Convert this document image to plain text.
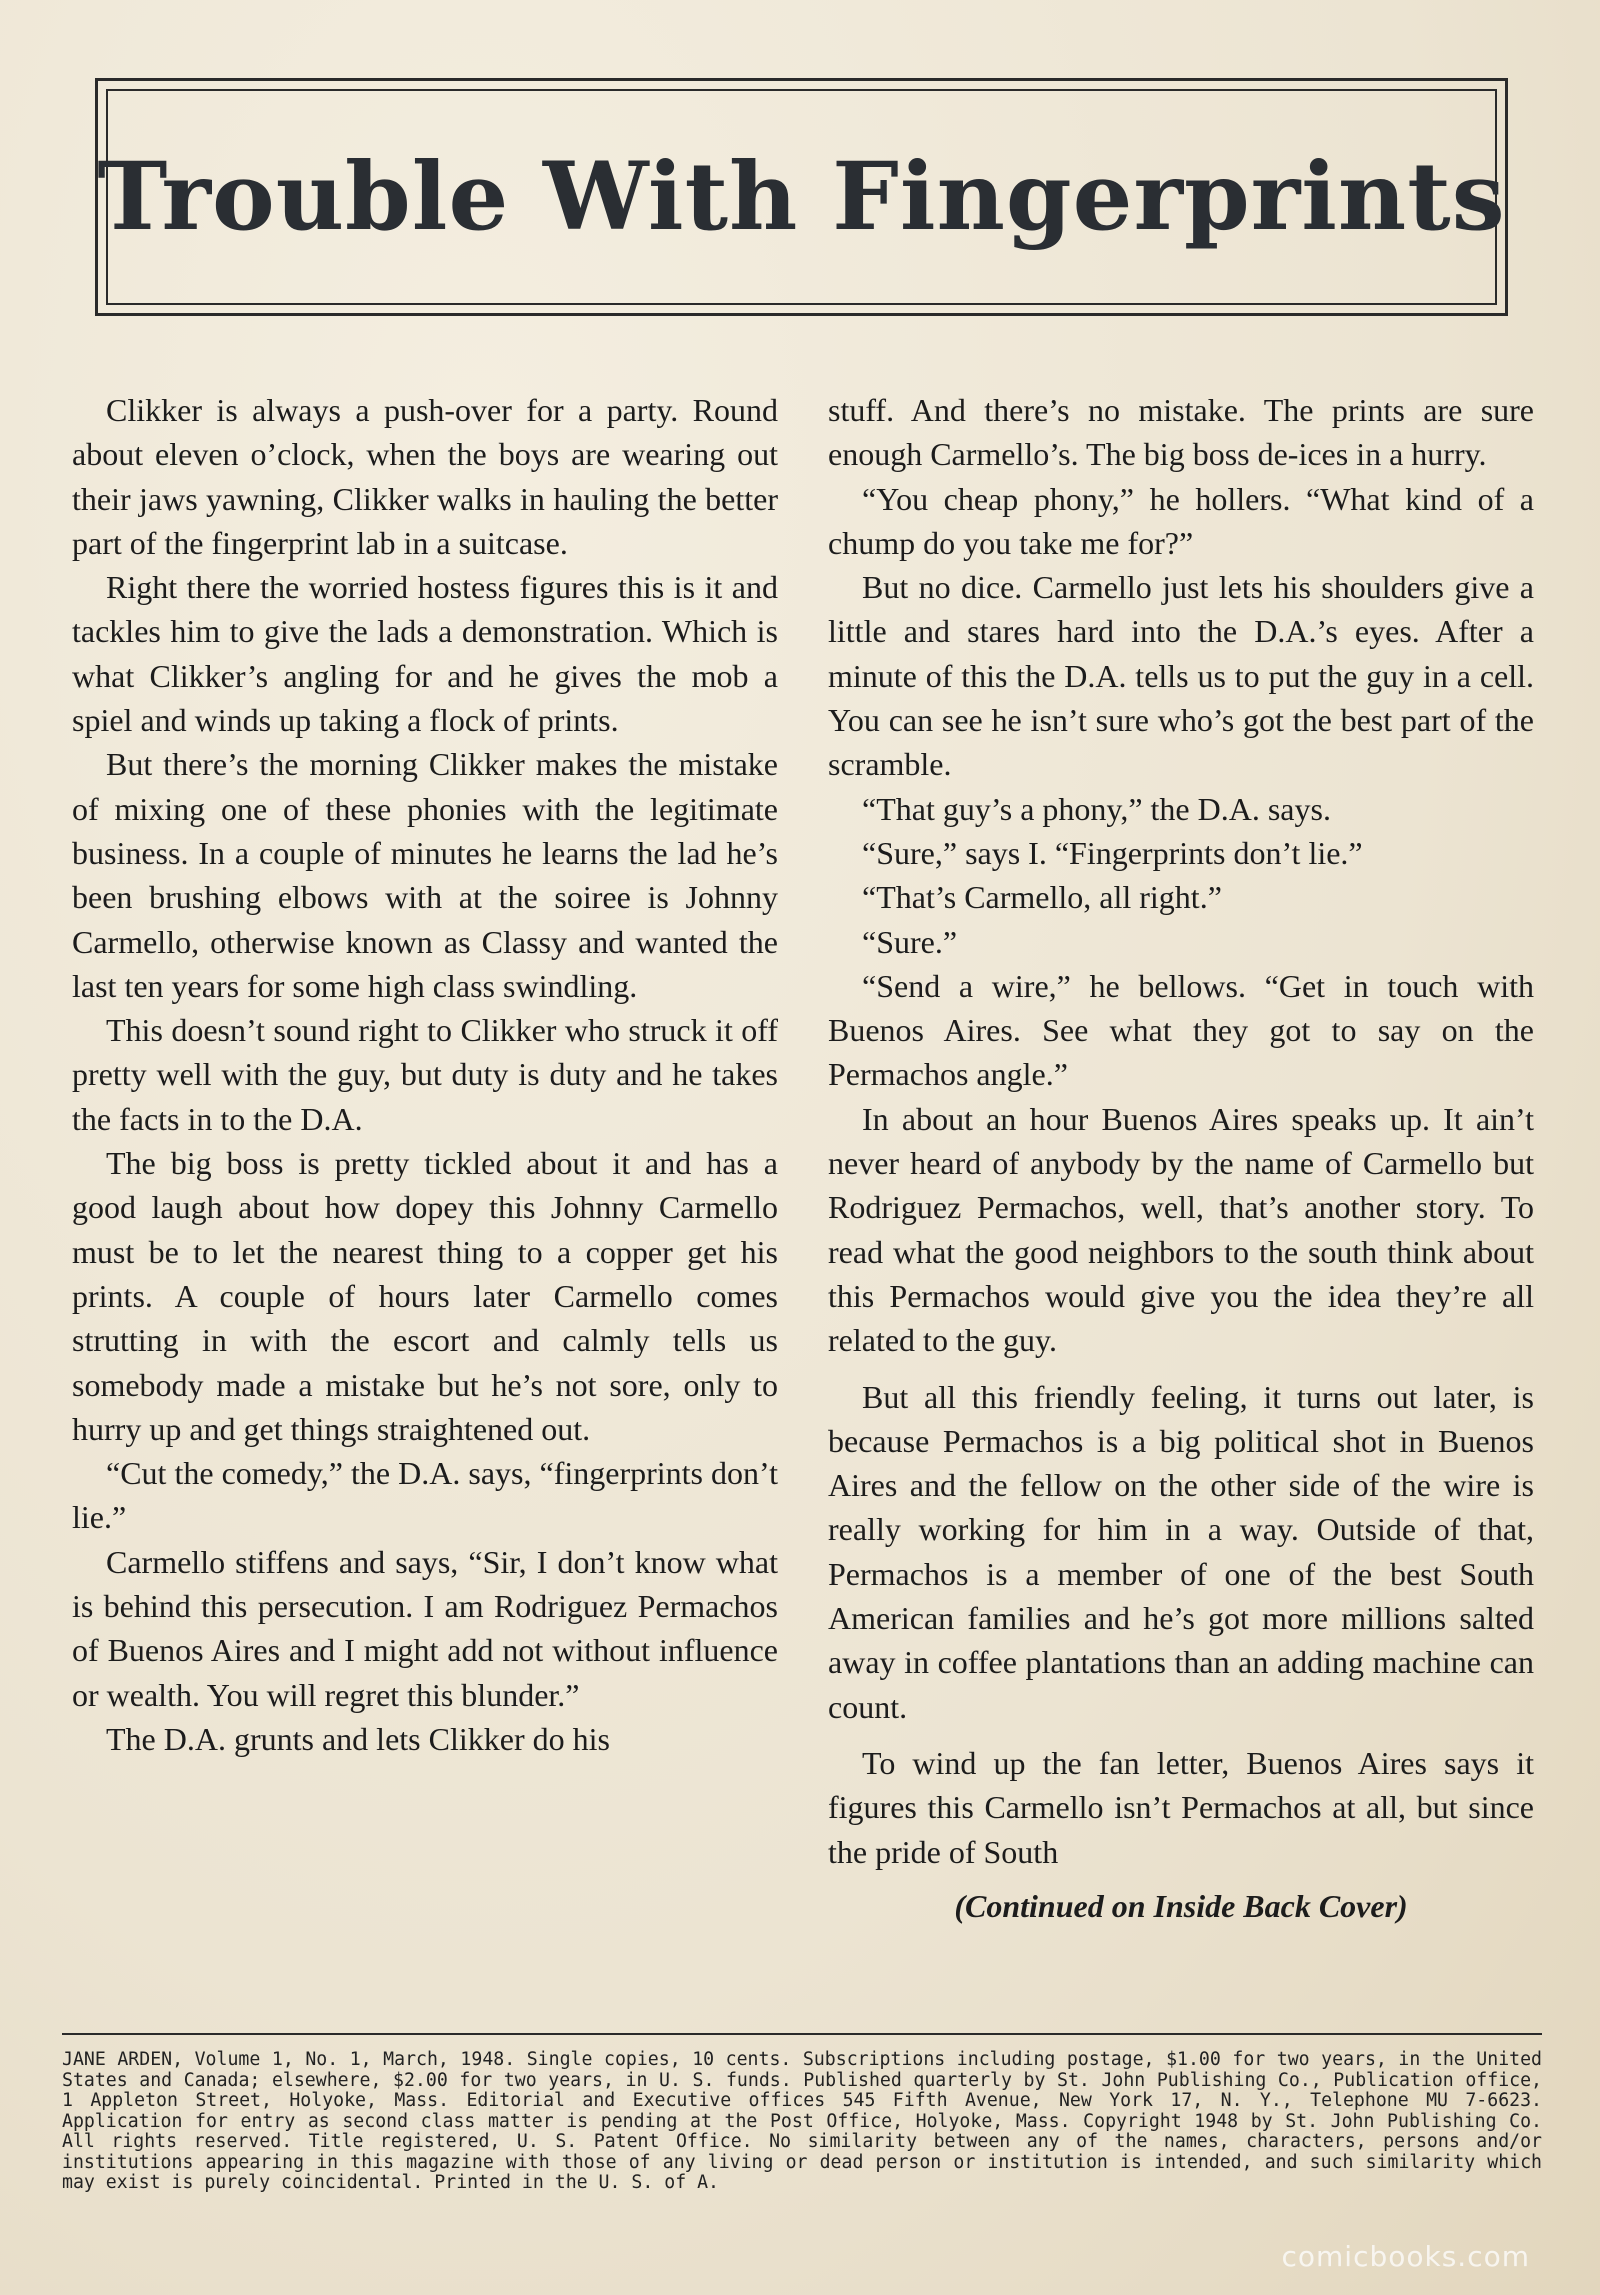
Trouble With Fingerprints

Clikker is always a push-over for a party. Round about eleven o’clock, when the boys are wearing out their jaws yawning, Clikker walks in hauling the better part of the fingerprint lab in a suitcase.

Right there the worried hostess figures this is it and tackles him to give the lads a demonstration. Which is what Clikker’s angling for and he gives the mob a spiel and winds up taking a flock of prints.

But there’s the morning Clikker makes the mistake of mixing one of these phonies with the legitimate business. In a couple of minutes he learns the lad he’s been brushing elbows with at the soiree is Johnny Carmello, otherwise known as Classy and wanted the last ten years for some high class swindling.

This doesn’t sound right to Clikker who struck it off pretty well with the guy, but duty is duty and he takes the facts in to the D.A.

The big boss is pretty tickled about it and has a good laugh about how dopey this Johnny Carmello must be to let the nearest thing to a copper get his prints. A couple of hours later Carmello comes strutting in with the escort and calmly tells us somebody made a mistake but he’s not sore, only to hurry up and get things straightened out.

“Cut the comedy,” the D.A. says, “fingerprints don’t lie.”

Carmello stiffens and says, “Sir, I don’t know what is behind this persecution. I am Rodriguez Permachos of Buenos Aires and I might add not without influence or wealth. You will regret this blunder.”

The D.A. grunts and lets Clikker do his

stuff. And there’s no mistake. The prints are sure enough Carmello’s. The big boss de-ices in a hurry.

“You cheap phony,” he hollers. “What kind of a chump do you take me for?”

But no dice. Carmello just lets his shoulders give a little and stares hard into the D.A.’s eyes. After a minute of this the D.A. tells us to put the guy in a cell. You can see he isn’t sure who’s got the best part of the scramble.

“That guy’s a phony,” the D.A. says.

“Sure,” says I. “Fingerprints don’t lie.”

“That’s Carmello, all right.”

“Sure.”

“Send a wire,” he bellows. “Get in touch with Buenos Aires. See what they got to say on the Permachos angle.”

In about an hour Buenos Aires speaks up. It ain’t never heard of anybody by the name of Carmello but Rodriguez Permachos, well, that’s another story. To read what the good neighbors to the south think about this Permachos would give you the idea they’re all related to the guy.

But all this friendly feeling, it turns out later, is because Permachos is a big political shot in Buenos Aires and the fellow on the other side of the wire is really working for him in a way. Outside of that, Permachos is a member of one of the best South American families and he’s got more millions salted away in coffee plantations than an adding machine can count.

To wind up the fan letter, Buenos Aires says it figures this Carmello isn’t Permachos at all, but since the pride of South

(Continued on Inside Back Cover)

JANE ARDEN, Volume 1, No. 1, March, 1948. Single copies, 10 cents. Subscriptions including postage, $1.00 for two years, in the United States and Canada; elsewhere, $2.00 for two years, in U. S. funds. Published quarterly by St. John Publishing Co., Publication office, 1 Appleton Street, Holyoke, Mass. Editorial and Executive offices 545 Fifth Avenue, New York 17, N. Y., Telephone MU 7-6623. Application for entry as second class matter is pending at the Post Office, Holyoke, Mass. Copyright 1948 by St. John Publishing Co. All rights reserved. Title registered, U. S. Patent Office. No similarity between any of the names, characters, persons and/or institutions appearing in this magazine with those of any living or dead person or institution is intended, and such similarity which may exist is purely coincidental. Printed in the U. S. of A.
comicbooks.com
